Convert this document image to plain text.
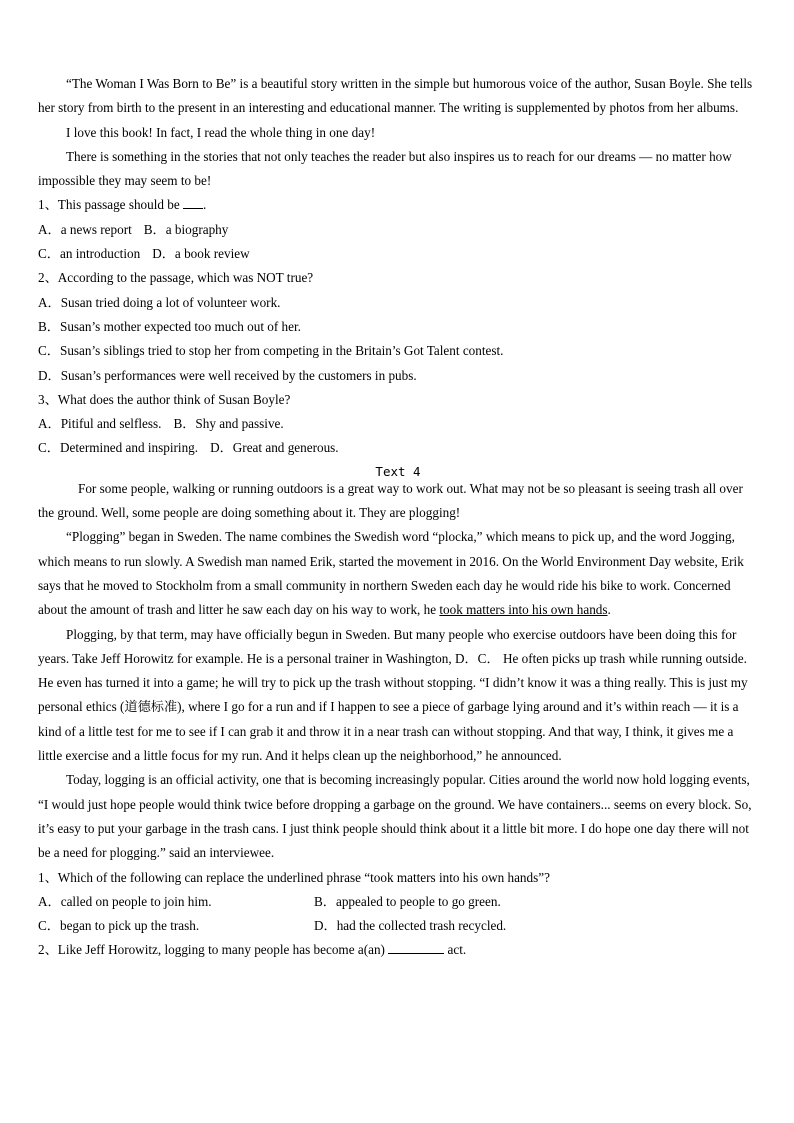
“The Woman I Was Born to Be” is a beautiful story written in the simple but humorous voice of the author, Susan Boyle. She tells her story from birth to the present in an interesting and educational manner. The writing is supplemented by photos from her albums.

I love this book! In fact, I read the whole thing in one day!

There is something in the stories that not only teaches the reader but also inspires us to reach for our dreams — no matter how impossible they may seem to be!

1、This passage should be .

A．a news report B．a biography

C．an introduction D．a book review

2、According to the passage, which was NOT true?

A．Susan tried doing a lot of volunteer work.

B．Susan’s mother expected too much out of her.

C．Susan’s siblings tried to stop her from competing in the Britain’s Got Talent contest.

D．Susan’s performances were well received by the customers in pubs.

3、What does the author think of Susan Boyle?

A．Pitiful and selfless. B．Shy and passive.

C．Determined and inspiring. D．Great and generous.

Text 4

For some people, walking or running outdoors is a great way to work out. What may not be so pleasant is seeing trash all over the ground. Well, some people are doing something about it. They are plogging!

“Plogging” began in Sweden. The name combines the Swedish word “plocka,” which means to pick up, and the word Jogging, which means to run slowly. A Swedish man named Erik, started the movement in 2016. On the World Environment Day website, Erik says that he moved to Stockholm from a small community in northern Sweden each day he would ride his bike to work. Concerned about the amount of trash and litter he saw each day on his way to work, he took matters into his own hands.

Plogging, by that term, may have officially begun in Sweden. But many people who exercise outdoors have been doing this for years. Take Jeff Horowitz for example. He is a personal trainer in Washington, D．C． He often picks up trash while running outside. He even has turned it into a game; he will try to pick up the trash without stopping. “I didn’t know it was a thing really. This is just my personal ethics (道德标准), where I go for a run and if I happen to see a piece of garbage lying around and it’s within reach — it is a kind of a little test for me to see if I can grab it and throw it in a near trash can without stopping. And that way, I think, it gives me a little exercise and a little focus for my run. And it helps clean up the neighborhood,” he announced.

Today, logging is an official activity, one that is becoming increasingly popular. Cities around the world now hold logging events, “I would just hope people would think twice before dropping a garbage on the ground. We have containers... seems on every block. So, it’s easy to put your garbage in the trash cans. I just think people should think about it a little bit more. I do hope one day there will not be a need for plogging.” said an interviewee.

1、Which of the following can replace the underlined phrase “took matters into his own hands”?

A．called on people to join him.	B．appealed to people to go green.

C．began to pick up the trash.	D．had the collected trash recycled.

2、Like Jeff Horowitz, logging to many people has become a(an)	act.
